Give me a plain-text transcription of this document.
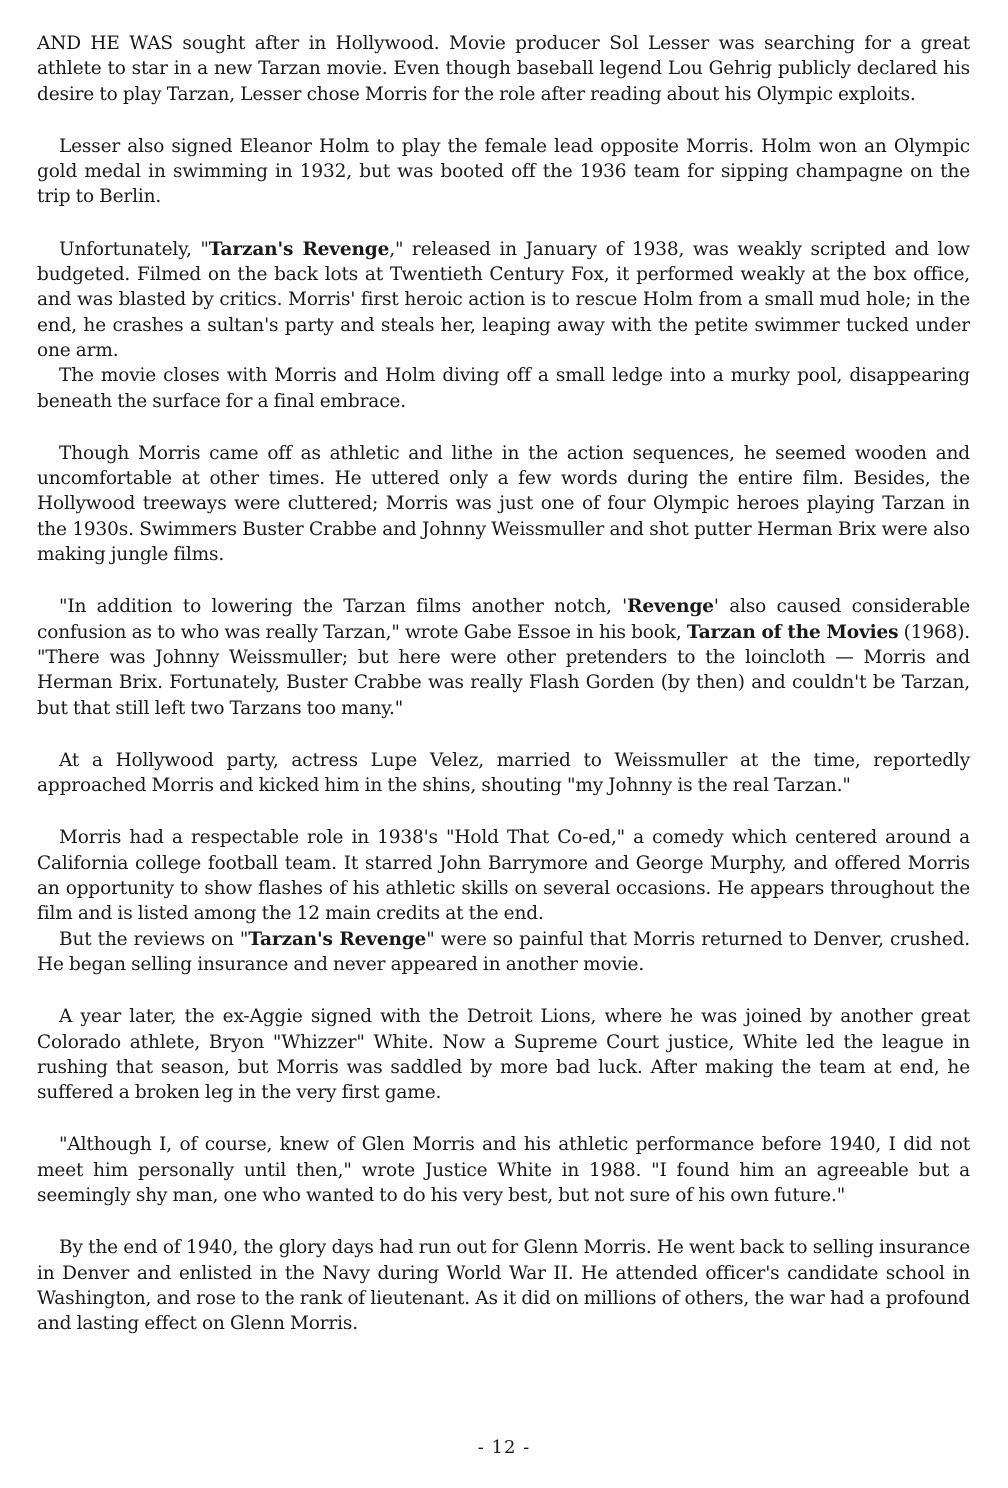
AND HE WAS sought after in Hollywood. Movie producer Sol Lesser was searching for a great athlete to star in a new Tarzan movie. Even though baseball legend Lou Gehrig publicly declared his desire to play Tarzan, Lesser chose Morris for the role after reading about his Olympic exploits.

Lesser also signed Eleanor Holm to play the female lead opposite Morris. Holm won an Olympic gold medal in swimming in 1932, but was booted off the 1936 team for sipping champagne on the trip to Berlin.

Unfortunately, "Tarzan's Revenge," released in January of 1938, was weakly scripted and low budgeted. Filmed on the back lots at Twentieth Century Fox, it performed weakly at the box office, and was blasted by critics. Morris' first heroic action is to rescue Holm from a small mud hole; in the end, he crashes a sultan's party and steals her, leaping away with the petite swimmer tucked under one arm.

The movie closes with Morris and Holm diving off a small ledge into a murky pool, disappearing beneath the surface for a final embrace.

Though Morris came off as athletic and lithe in the action sequences, he seemed wooden and uncomfortable at other times. He uttered only a few words during the entire film. Besides, the Hollywood treeways were cluttered; Morris was just one of four Olympic heroes playing Tarzan in the 1930s. Swimmers Buster Crabbe and Johnny Weissmuller and shot putter Herman Brix were also making jungle films.

"In addition to lowering the Tarzan films another notch, 'Revenge' also caused considerable confusion as to who was really Tarzan," wrote Gabe Essoe in his book, Tarzan of the Movies (1968). "There was Johnny Weissmuller; but here were other pretenders to the loincloth — Morris and Herman Brix. Fortunately, Buster Crabbe was really Flash Gorden (by then) and couldn't be Tarzan, but that still left two Tarzans too many."

At a Hollywood party, actress Lupe Velez, married to Weissmuller at the time, reportedly approached Morris and kicked him in the shins, shouting "my Johnny is the real Tarzan."

Morris had a respectable role in 1938's "Hold That Co-ed," a comedy which centered around a California college football team. It starred John Barrymore and George Murphy, and offered Morris an opportunity to show flashes of his athletic skills on several occasions. He appears throughout the film and is listed among the 12 main credits at the end.

But the reviews on "Tarzan's Revenge" were so painful that Morris returned to Denver, crushed. He began selling insurance and never appeared in another movie.

A year later, the ex-Aggie signed with the Detroit Lions, where he was joined by another great Colorado athlete, Bryon "Whizzer" White. Now a Supreme Court justice, White led the league in rushing that season, but Morris was saddled by more bad luck. After making the team at end, he suffered a broken leg in the very first game.

"Although I, of course, knew of Glen Morris and his athletic performance before 1940, I did not meet him personally until then," wrote Justice White in 1988. "I found him an agreeable but a seemingly shy man, one who wanted to do his very best, but not sure of his own future."

By the end of 1940, the glory days had run out for Glenn Morris. He went back to selling insurance in Denver and enlisted in the Navy during World War II. He attended officer's candidate school in Washington, and rose to the rank of lieutenant. As it did on millions of others, the war had a profound and lasting effect on Glenn Morris.

- 12 -
